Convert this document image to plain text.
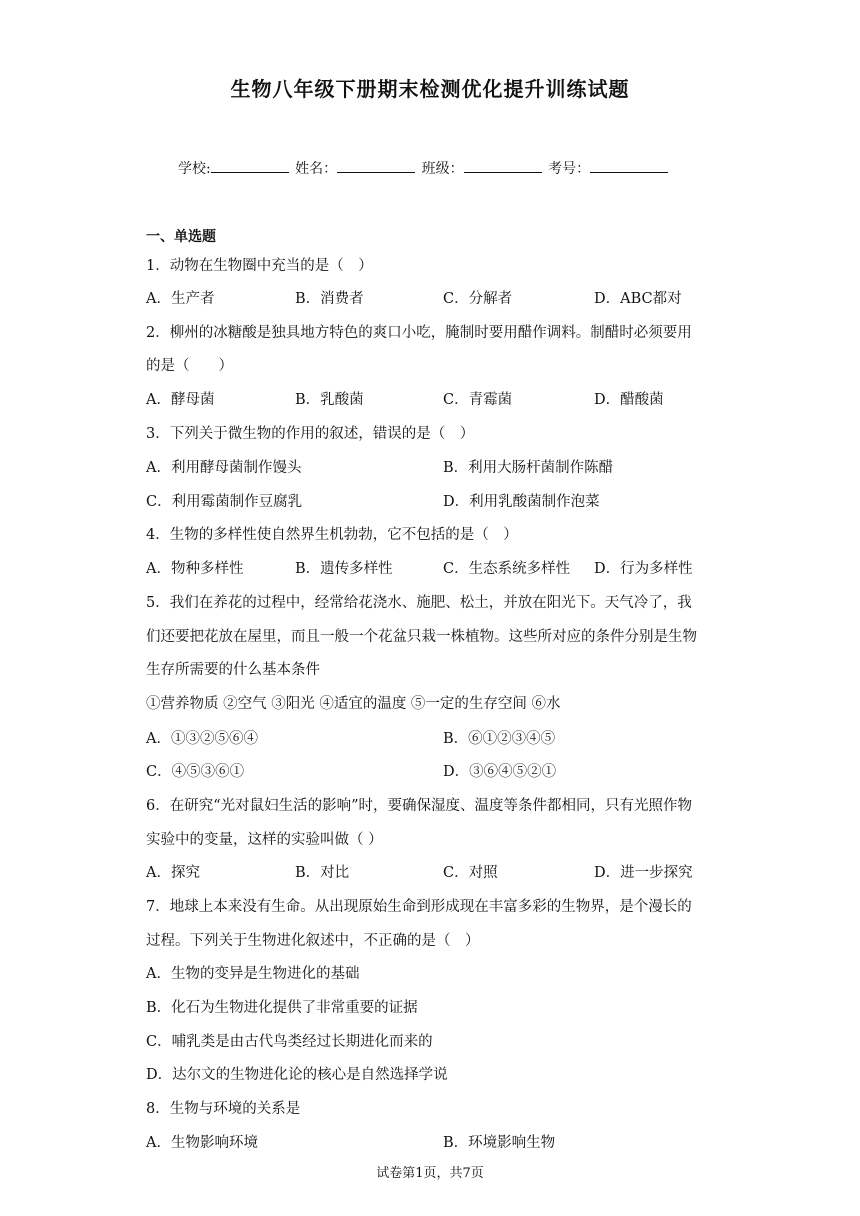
生物八年级下册期末检测优化提升训练试题
学校:	姓名：	班级：	考号：
一、单选题
1．动物在生物圈中充当的是（　）
A．生产者	B．消费者	C．分解者	D．ABC都对
2．柳州的冰糖酸是独具地方特色的爽口小吃，腌制时要用醋作调料。制醋时必须要用
的是（　　）
A．酵母菌	B．乳酸菌	C．青霉菌	D．醋酸菌
3．下列关于微生物的作用的叙述，错误的是（　）
A．利用酵母菌制作馒头	B．利用大肠杆菌制作陈醋
C．利用霉菌制作豆腐乳	D．利用乳酸菌制作泡菜
4．生物的多样性使自然界生机勃勃，它不包括的是（　）
A．物种多样性	B．遗传多样性	C．生态系统多样性 D．行为多样性
5．我们在养花的过程中，经常给花浇水、施肥、松土，并放在阳光下。天气冷了，我
们还要把花放在屋里，而且一般一个花盆只栽一株植物。这些所对应的条件分别是生物
生存所需要的什么基本条件
①营养物质 ②空气 ③阳光 ④适宜的温度 ⑤一定的生存空间 ⑥水
A．①③②⑤⑥④	B．⑥①②③④⑤
C．④⑤③⑥①	D．③⑥④⑤②①
6．在研究“光对鼠妇生活的影响”时，要确保湿度、温度等条件都相同，只有光照作物
实验中的变量，这样的实验叫做（ ）
A．探究	B．对比	C．对照	D．进一步探究
7．地球上本来没有生命。从出现原始生命到形成现在丰富多彩的生物界，是个漫长的
过程。下列关于生物进化叙述中，不正确的是（　）
A．生物的变异是生物进化的基础
B．化石为生物进化提供了非常重要的证据
C．哺乳类是由古代鸟类经过长期进化而来的
D．达尔文的生物进化论的核心是自然选择学说
8．生物与环境的关系是
A．生物影响环境	B．环境影响生物
试卷第1页，共7页
